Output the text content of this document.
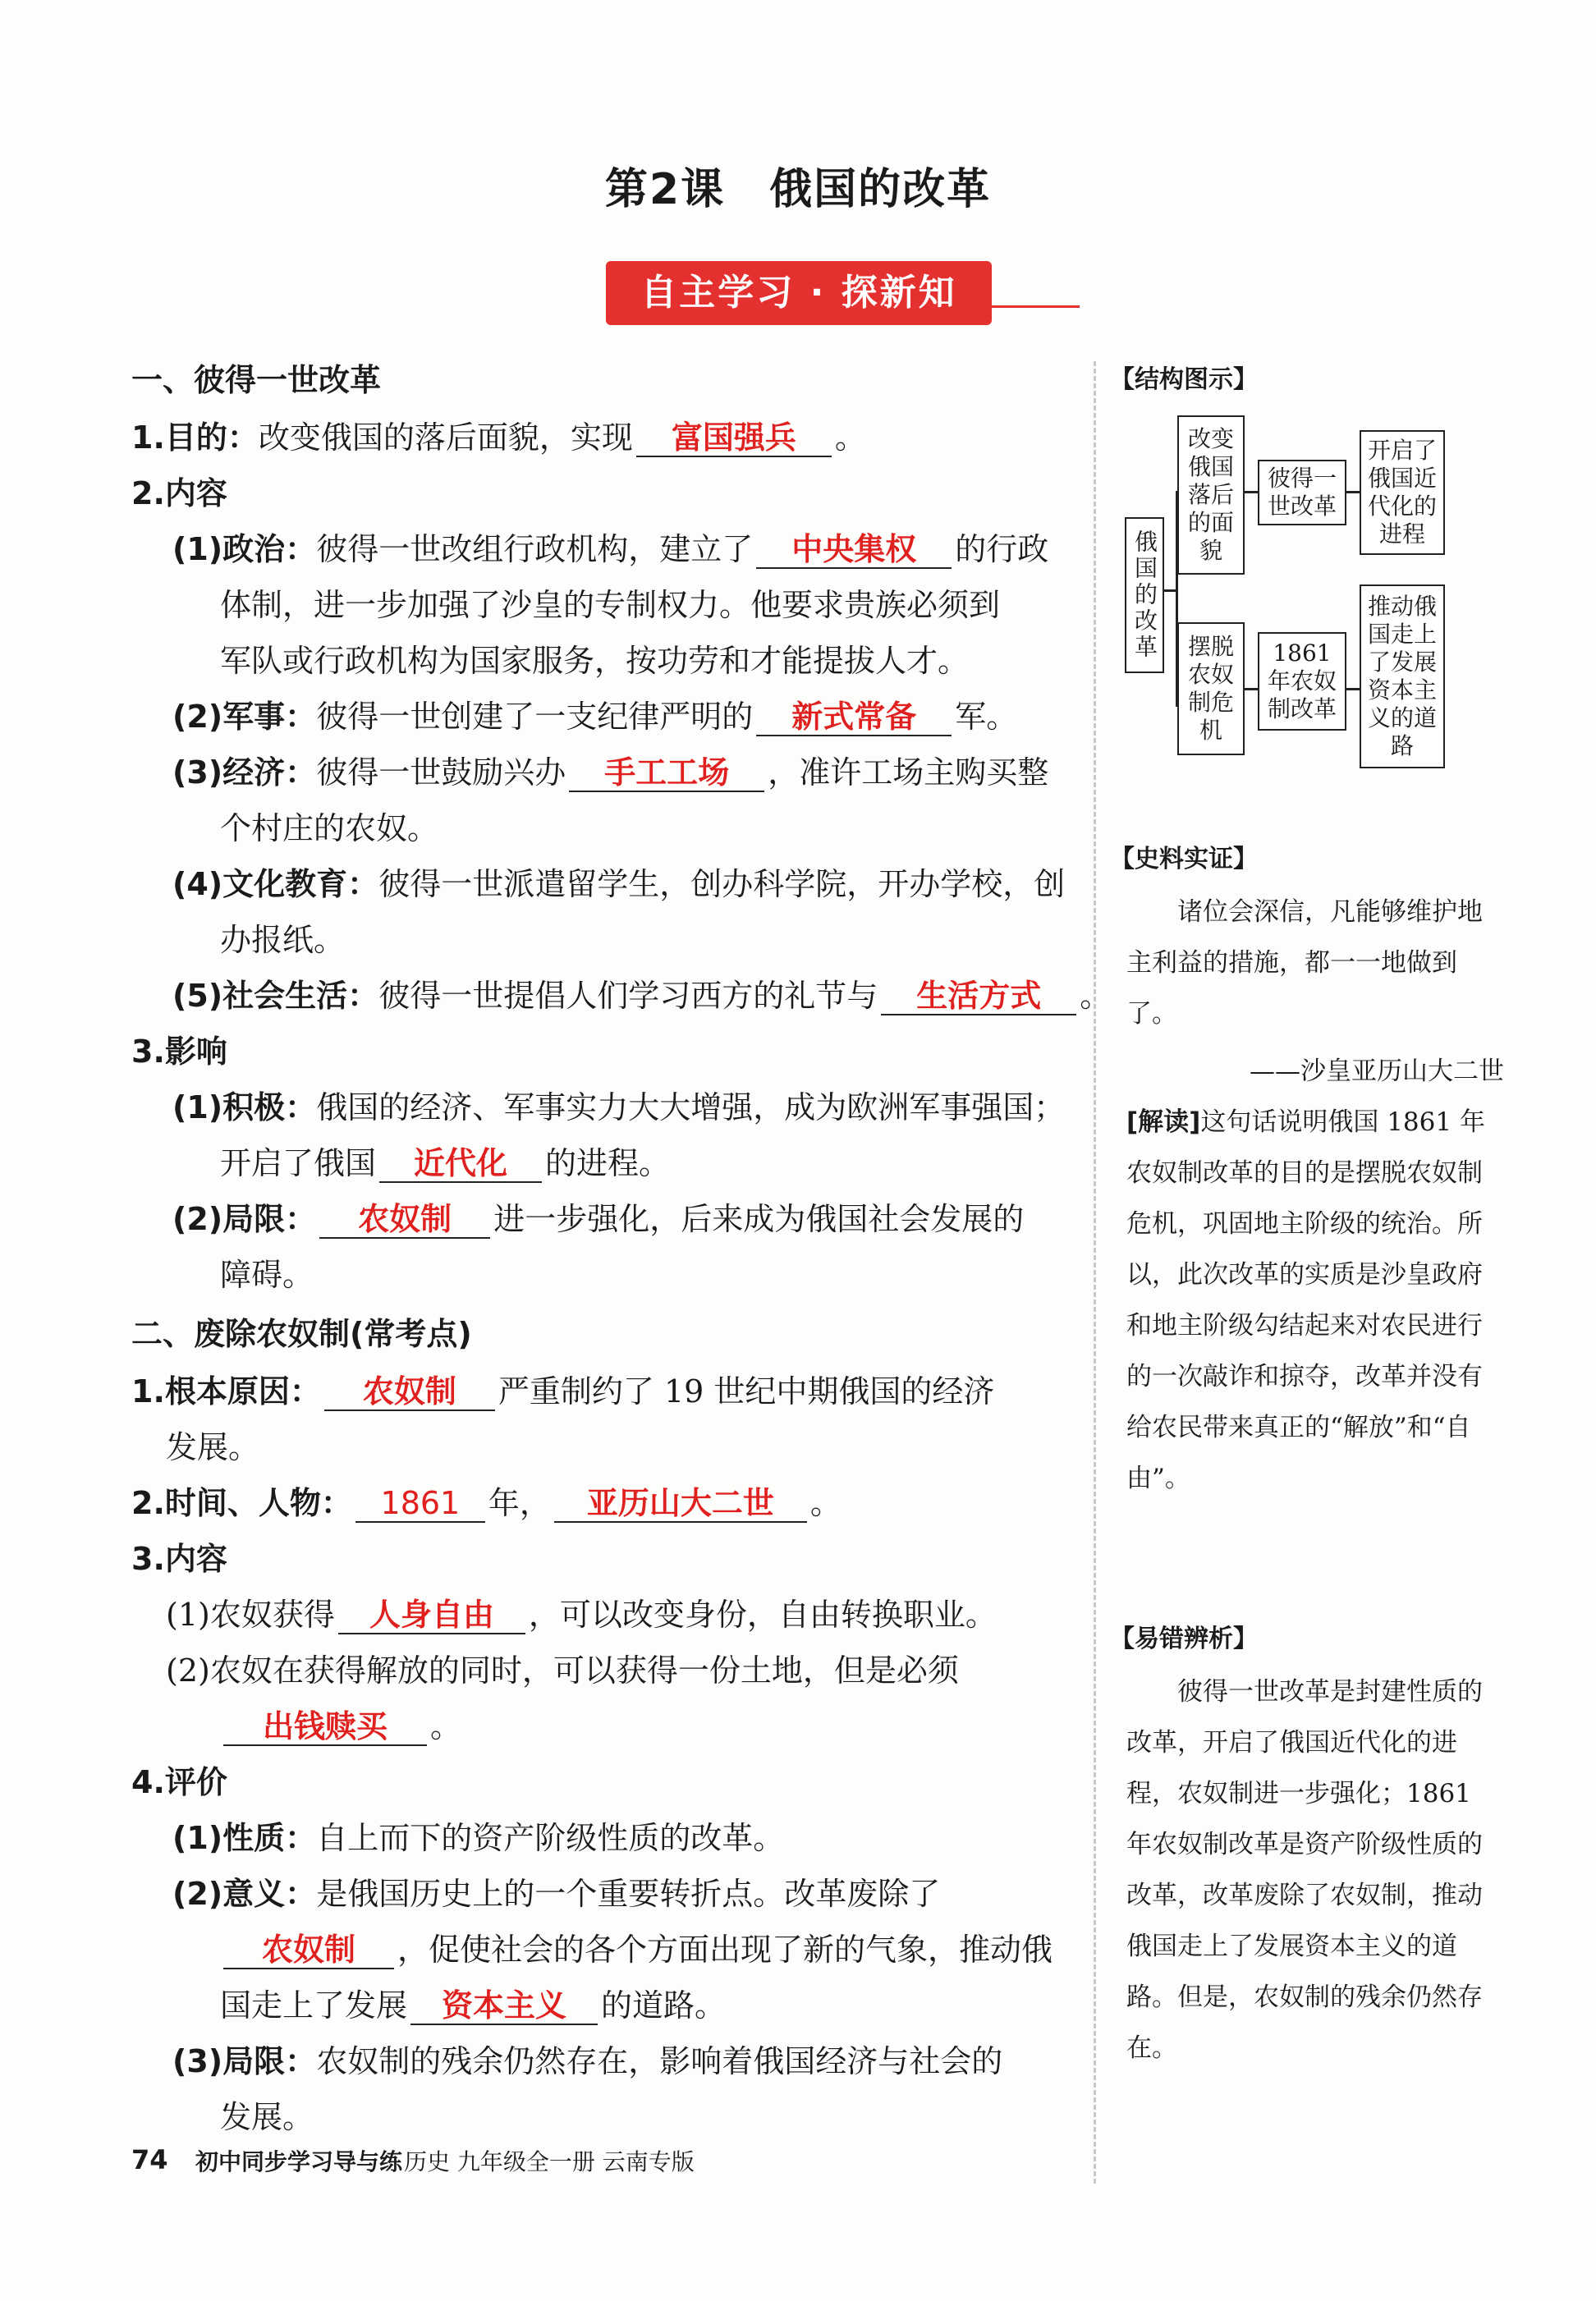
第2课　俄国的改革
自主学习 · 探新知
一、彼得一世改革
1.目的：改变俄国的落后面貌，实现 富国强兵 。
2.内容
(1)政治：彼得一世改组行政机构，建立了 中央集权 的行政
体制，进一步加强了沙皇的专制权力。他要求贵族必须到
军队或行政机构为国家服务，按功劳和才能提拔人才。
(2)军事：彼得一世创建了一支纪律严明的 新式常备 军。
(3)经济：彼得一世鼓励兴办 手工工场 ，准许工场主购买整
个村庄的农奴。
(4)文化教育：彼得一世派遣留学生，创办科学院，开办学校，创
办报纸。
(5)社会生活：彼得一世提倡人们学习西方的礼节与 生活方式 。
3.影响
(1)积极：俄国的经济、军事实力大大增强，成为欧洲军事强国；
开启了俄国 近代化 的进程。
(2)局限： 农奴制 进一步强化，后来成为俄国社会发展的
障碍。
二、废除农奴制(常考点)
1.根本原因： 农奴制 严重制约了 19 世纪中期俄国的经济
发展。
2.时间、人物： 1861 年， 亚历山大二世 。
3.内容
(1)农奴获得 人身自由 ，可以改变身份，自由转换职业。
(2)农奴在获得解放的同时，可以获得一份土地，但是必须
出钱赎买 。
4.评价
(1)性质：自上而下的资产阶级性质的改革。
(2)意义：是俄国历史上的一个重要转折点。改革废除了
农奴制 ，促使社会的各个方面出现了新的气象，推动俄
国走上了发展 资本主义 的道路。
(3)局限：农奴制的残余仍然存在，影响着俄国经济与社会的
发展。
【结构图示】
俄国的改革
改变俄国落后的面貌
彼得一世改革
开启了俄国近代化的进程
摆脱农奴制危机
1861年农奴制改革
推动俄国走上了发展资本主义的道路
【史料实证】
诸位会深信，凡能够维护地主利益的措施，都一一地做到了。
——沙皇亚历山大二世
[解读]这句话说明俄国 1861 年农奴制改革的目的是摆脱农奴制危机，巩固地主阶级的统治。所以，此次改革的实质是沙皇政府和地主阶级勾结起来对农民进行的一次敲诈和掠夺，改革并没有给农民带来真正的“解放”和“自由”。
【易错辨析】
彼得一世改革是封建性质的改革，开启了俄国近代化的进程，农奴制进一步强化；1861 年农奴制改革是资产阶级性质的改革，改革废除了农奴制，推动俄国走上了发展资本主义的道路。但是，农奴制的残余仍然存在。
74 初中同步学习导与练 历史 九年级全一册 云南专版
